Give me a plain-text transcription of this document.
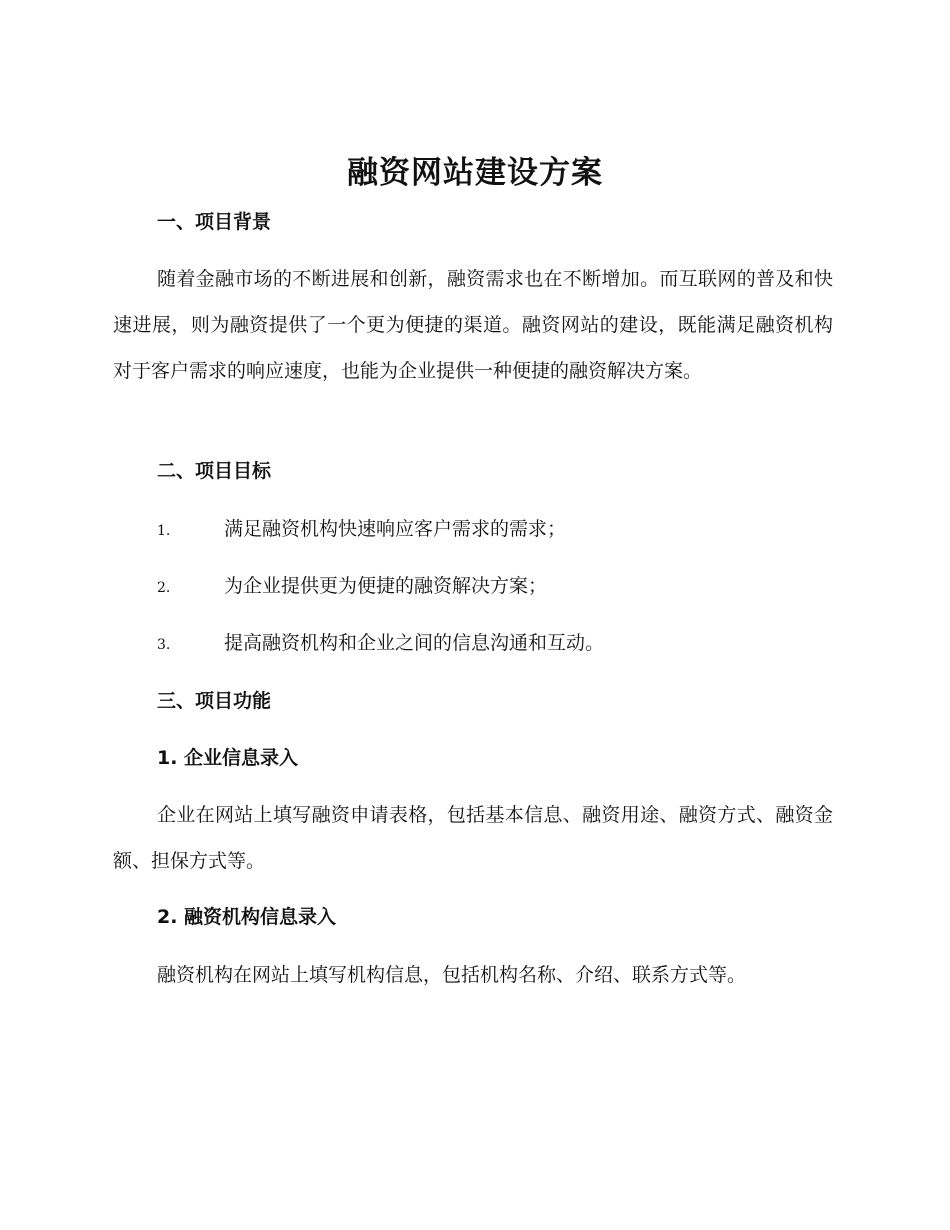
融资网站建设方案
一、项目背景
随着金融市场的不断进展和创新，融资需求也在不断增加。而互联网的普及和快速进展，则为融资提供了一个更为便捷的渠道。融资网站的建设，既能满足融资机构对于客户需求的响应速度，也能为企业提供一种便捷的融资解决方案。
二、项目目标
1.	满足融资机构快速响应客户需求的需求；
2.	为企业提供更为便捷的融资解决方案；
3.	提高融资机构和企业之间的信息沟通和互动。
三、项目功能
1. 企业信息录入
企业在网站上填写融资申请表格，包括基本信息、融资用途、融资方式、融资金额、担保方式等。
2. 融资机构信息录入
融资机构在网站上填写机构信息，包括机构名称、介绍、联系方式等。
